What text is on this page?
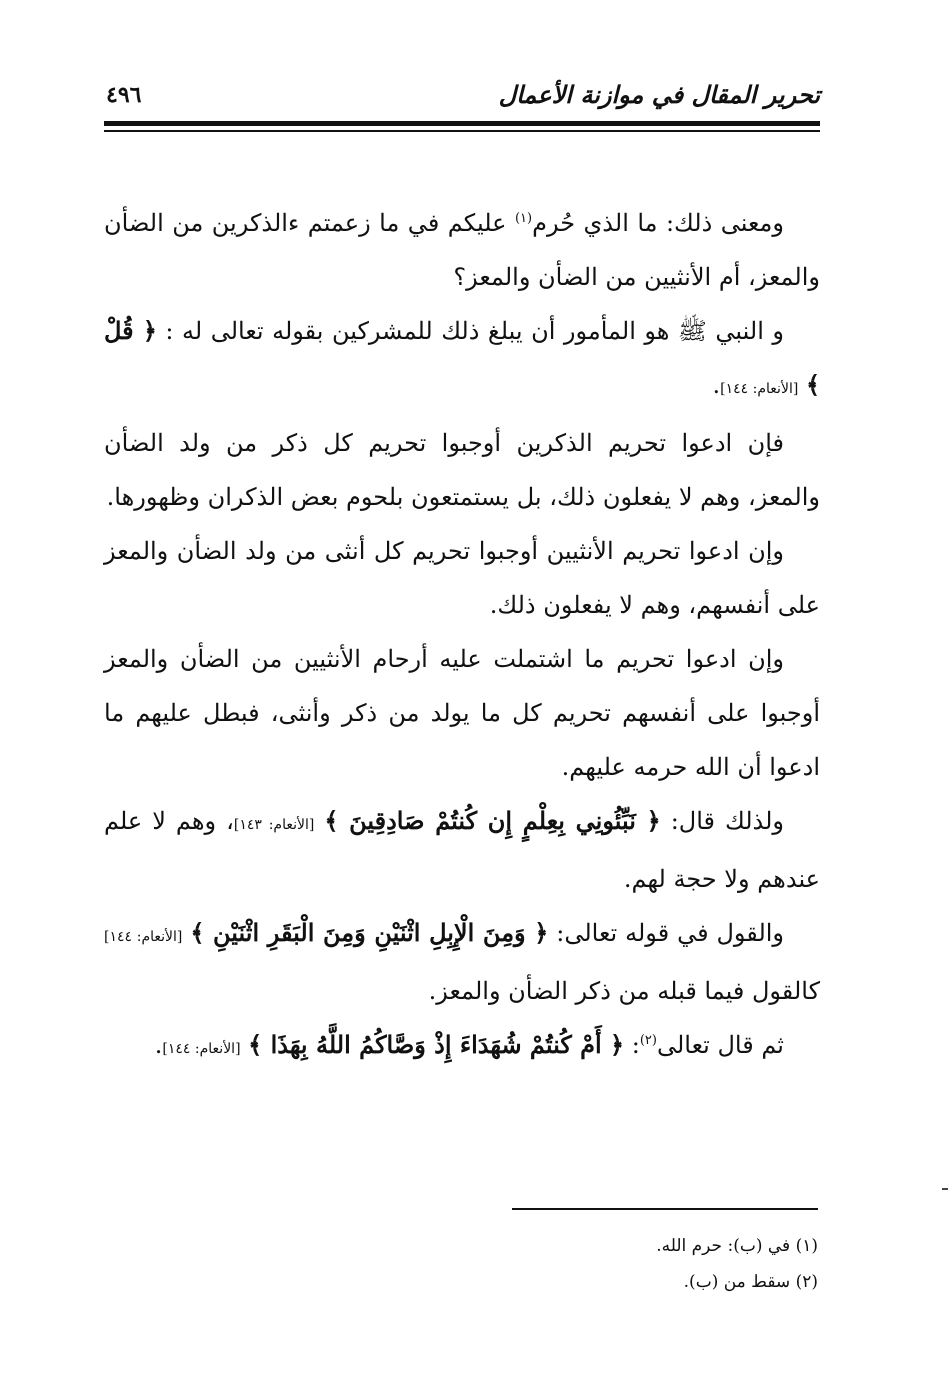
تحرير المقال في موازنة الأعمال
٤٩٦

ومعنى ذلك: ما الذي حُرم$^{(١)}$ عليكم في ما زعمتم ءالذكرين من الضأن والمعز، أم الأنثيين من الضأن والمعز؟

و النبي ﷺ هو المأمور أن يبلغ ذلك للمشركين بقوله تعالى له : ﴿ قُلْ ﴾ [الأنعام: ١٤٤].

فإن ادعوا تحريم الذكرين أوجبوا تحريم كل ذكر من ولد الضأن والمعز، وهم لا يفعلون ذلك، بل يستمتعون بلحوم بعض الذكران وظهورها.

وإن ادعوا تحريم الأنثيين أوجبوا تحريم كل أنثى من ولد الضأن والمعز على أنفسهم، وهم لا يفعلون ذلك.

وإن ادعوا تحريم ما اشتملت عليه أرحام الأنثيين من الضأن والمعز أوجبوا على أنفسهم تحريم كل ما يولد من ذكر وأنثى، فبطل عليهم ما ادعوا أن الله حرمه عليهم.

ولذلك قال: ﴿ نَبِّئُونِي بِعِلْمٍ إِن كُنتُمْ صَادِقِينَ ﴾ [الأنعام: ١٤٣]، وهم لا علم عندهم ولا حجة لهم.

والقول في قوله تعالى: ﴿ وَمِنَ الْإِبِلِ اثْنَيْنِ وَمِنَ الْبَقَرِ اثْنَيْنِ ﴾ [الأنعام: ١٤٤] كالقول فيما قبله من ذكر الضأن والمعز.

ثم قال تعالى$^{(٢)}$: ﴿ أَمْ كُنتُمْ شُهَدَاءَ إِذْ وَصَّاكُمُ اللَّهُ بِهَذَا ﴾ [الأنعام: ١٤٤].

(١) في (ب): حرم الله.

(٢) سقط من (ب).
